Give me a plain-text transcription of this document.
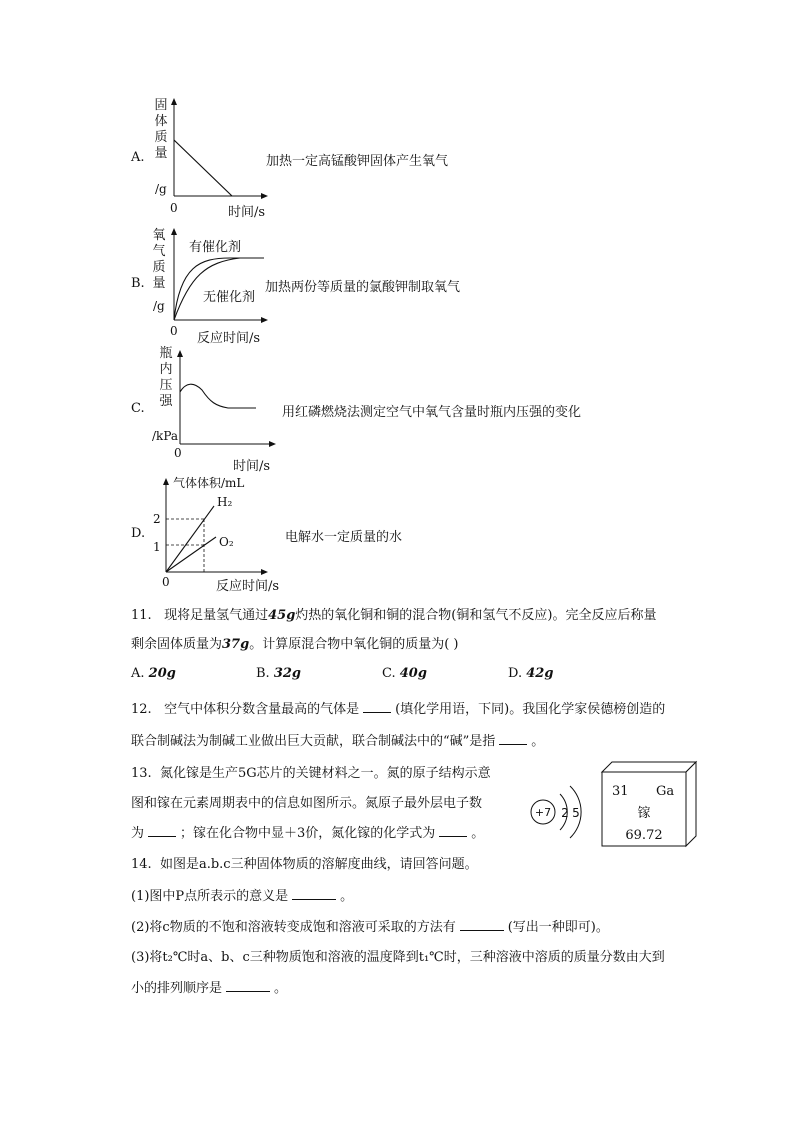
A.
固体质量
/g
0	时间/s
加热一定高锰酸钾固体产生氧气
B.
氧气质量
/g
有催化剂
无催化剂
0 反应时间/s
加热两份等质量的氯酸钾制取氧气
C.
瓶内压强
/kPa
0
时间/s
用红磷燃烧法测定空气中氧气含量时瓶内压强的变化
D.
气体体积/mL
2
1
H₂
O₂
0	反应时间/s
电解水一定质量的水
11. 现将足量氢气通过45g灼热的氧化铜和铜的混合物(铜和氢气不反应)。完全反应后称量
剩余固体质量为37g。计算原混合物中氧化铜的质量为( )
A. 20g	B. 32g	C. 40g	D. 42g
12. 空气中体积分数含量最高的气体是	(填化学用语，下同)。我国化学家侯德榜创造的
联合制碱法为制碱工业做出巨大贡献，联合制碱法中的“碱”是指	。
13. 氮化镓是生产5G芯片的关键材料之一。氮的原子结构示意
图和镓在元素周期表中的信息如图所示。氮原子最外层电子数
为	；镓在化合物中显＋3价，氮化镓的化学式为	。
+7 2 5
31 Ga
镓
69.72
14. 如图是a.b.c三种固体物质的溶解度曲线，请回答问题。
(1)图中P点所表示的意义是	。
(2)将c物质的不饱和溶液转变成饱和溶液可采取的方法有	(写出一种即可)。
(3)将t₂℃时a、b、c三种物质饱和溶液的温度降到t₁℃时，三种溶液中溶质的质量分数由大到
小的排列顺序是	。
